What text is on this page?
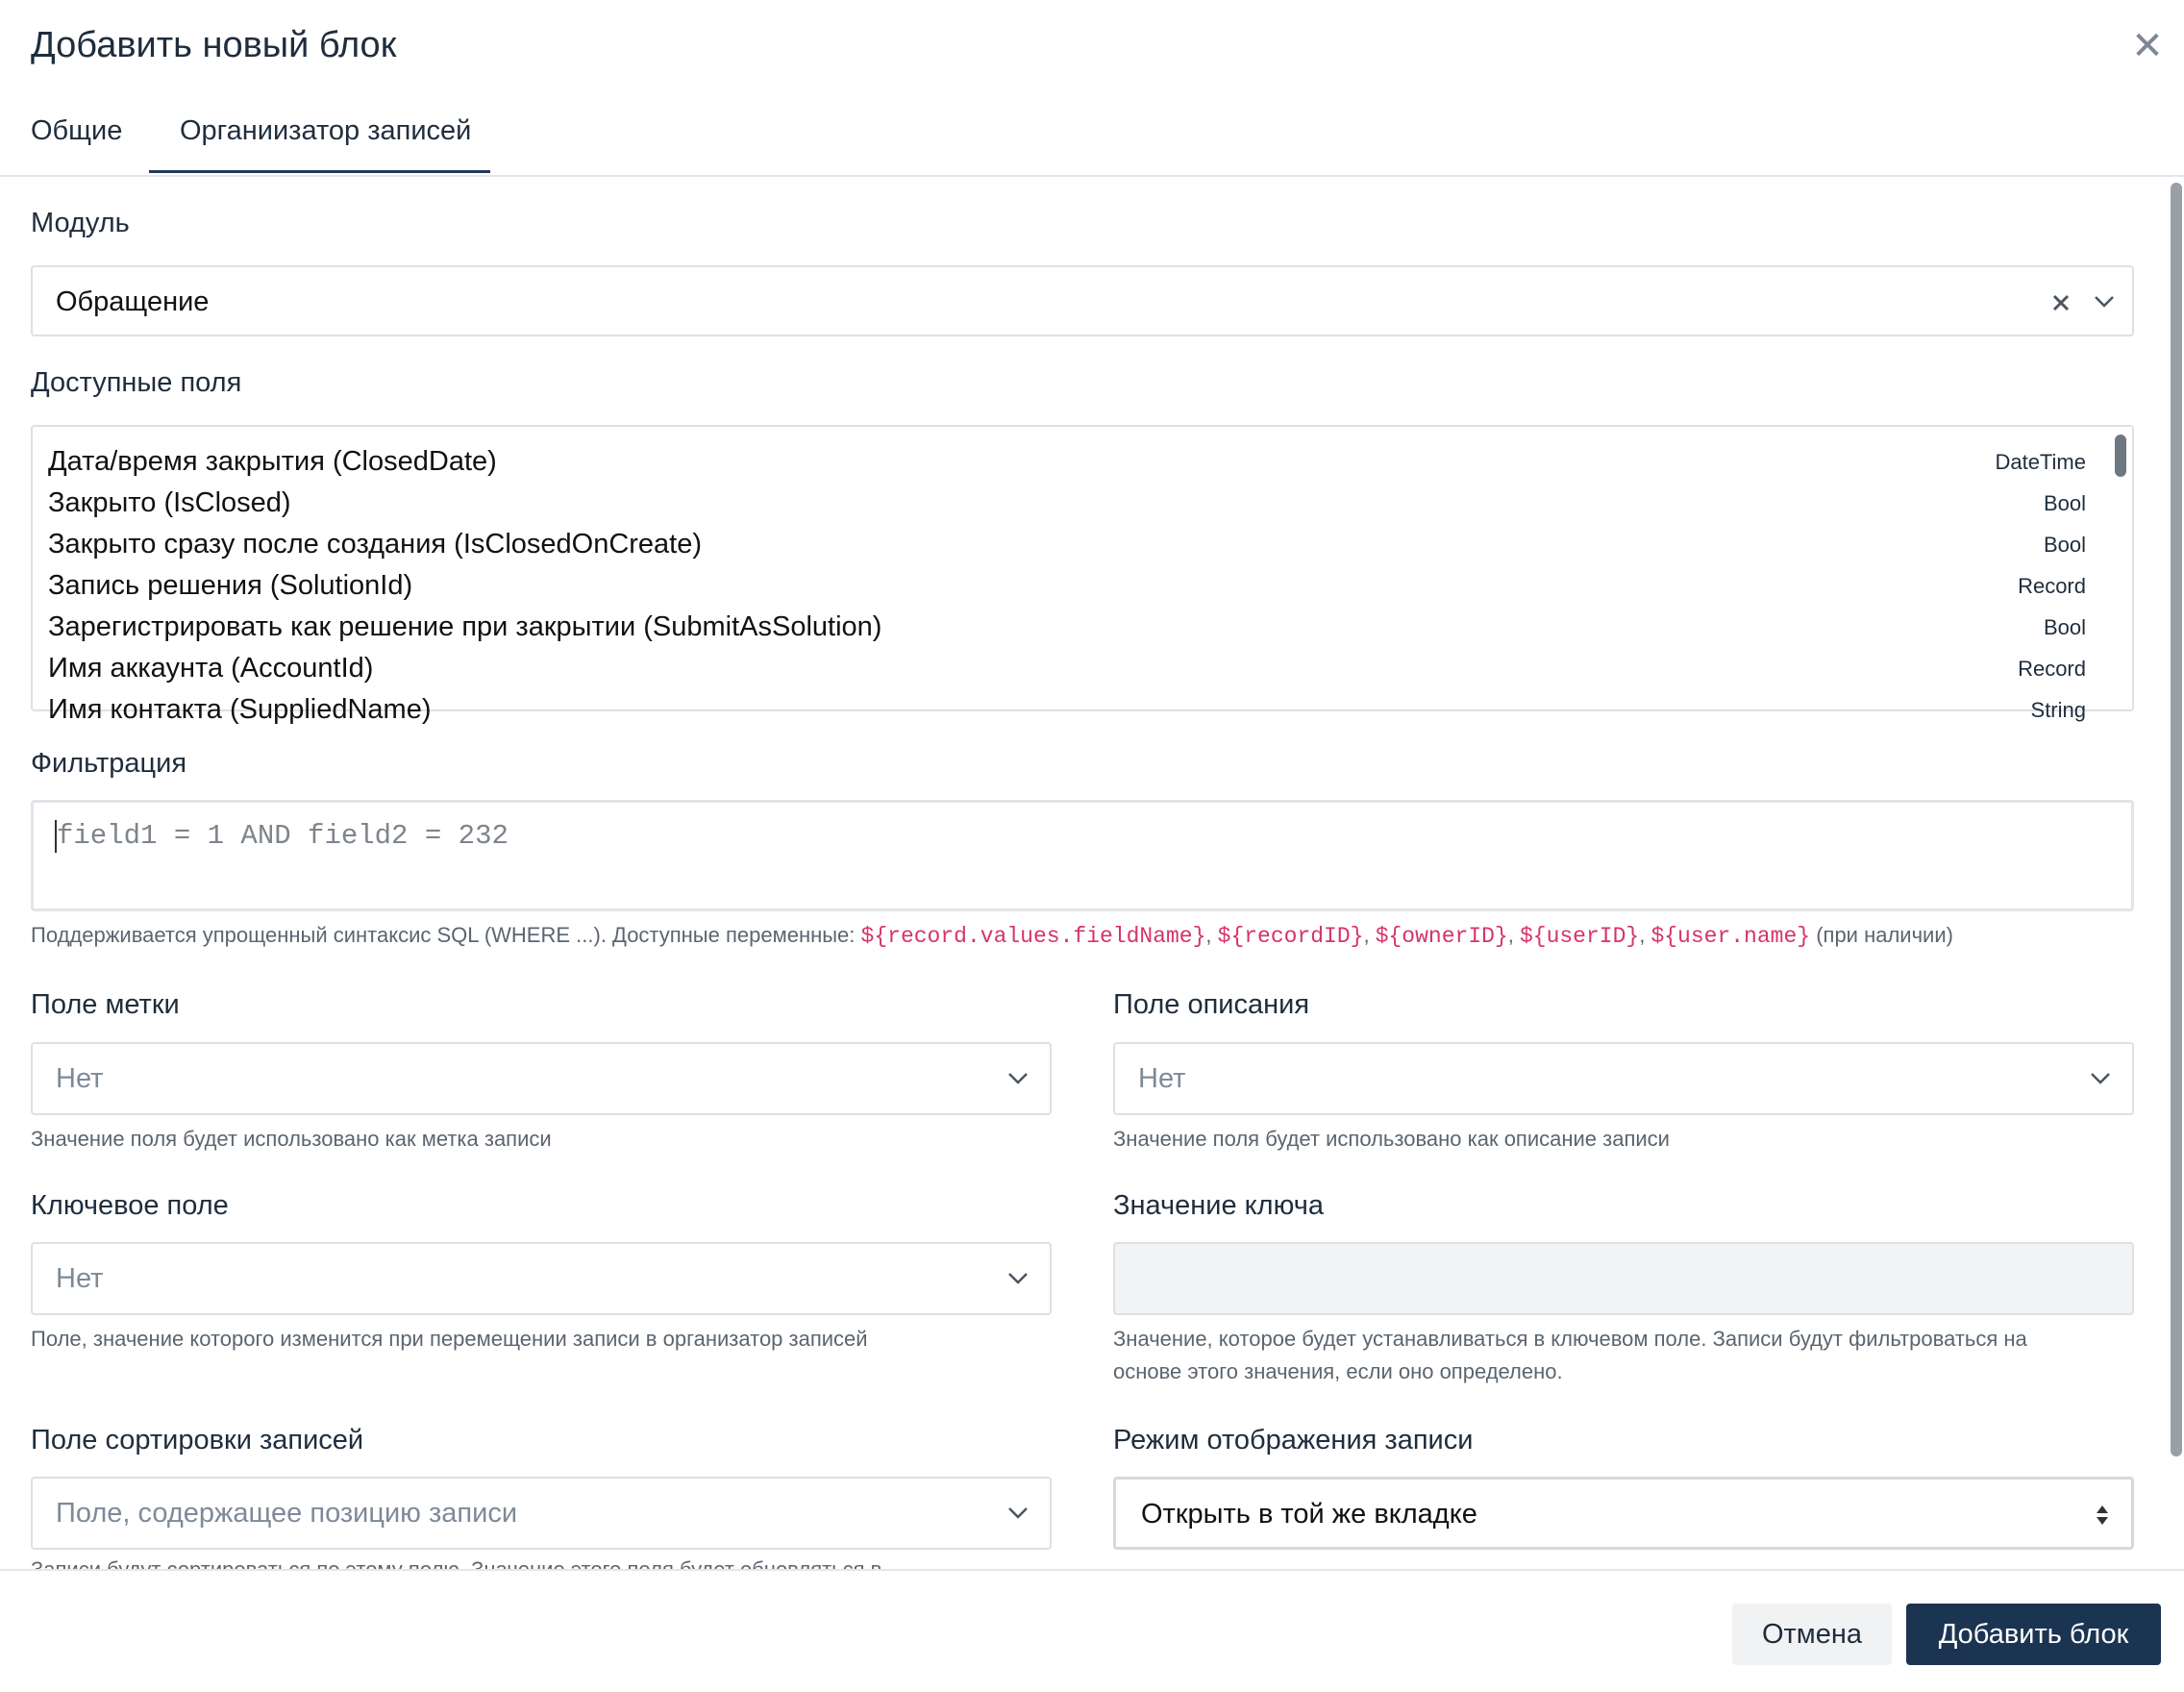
Добавить новый блок	✕
Общие Органиизатор записей
Модуль
Обращение
Доступные поля
Дата/время закрытия (ClosedDate)	DateTime
Закрыто (IsClosed)	Bool
Закрыто сразу после создания (IsClosedOnCreate)	Bool
Запись решения (SolutionId)	Record
Зарегистрировать как решение при закрытии (SubmitAsSolution)	Bool
Имя аккаунта (AccountId)	Record
Имя контакта (SuppliedName)	String
Фильтрация
field1 = 1 AND field2 = 232
Поддерживается упрощенный синтаксис SQL (WHERE ...). Доступные переменные: ${record.values.fieldName}, ${recordID}, ${ownerID}, ${userID}, ${user.name} (при наличии)
Поле метки
Нет
Значение поля будет использовано как метка записи
Поле описания
Нет
Значение поля будет использовано как описание записи
Ключевое поле
Нет
Поле, значение которого изменится при перемещении записи в организатор записей
Значение ключа
Значение, которое будет устанавливаться в ключевом поле. Записи будут фильтроваться на
основе этого значения, если оно определено.
Поле сортировки записей
Поле, содержащее позицию записи
Режим отображения записи
Открыть в той же вкладке
Отмена	Добавить блок
